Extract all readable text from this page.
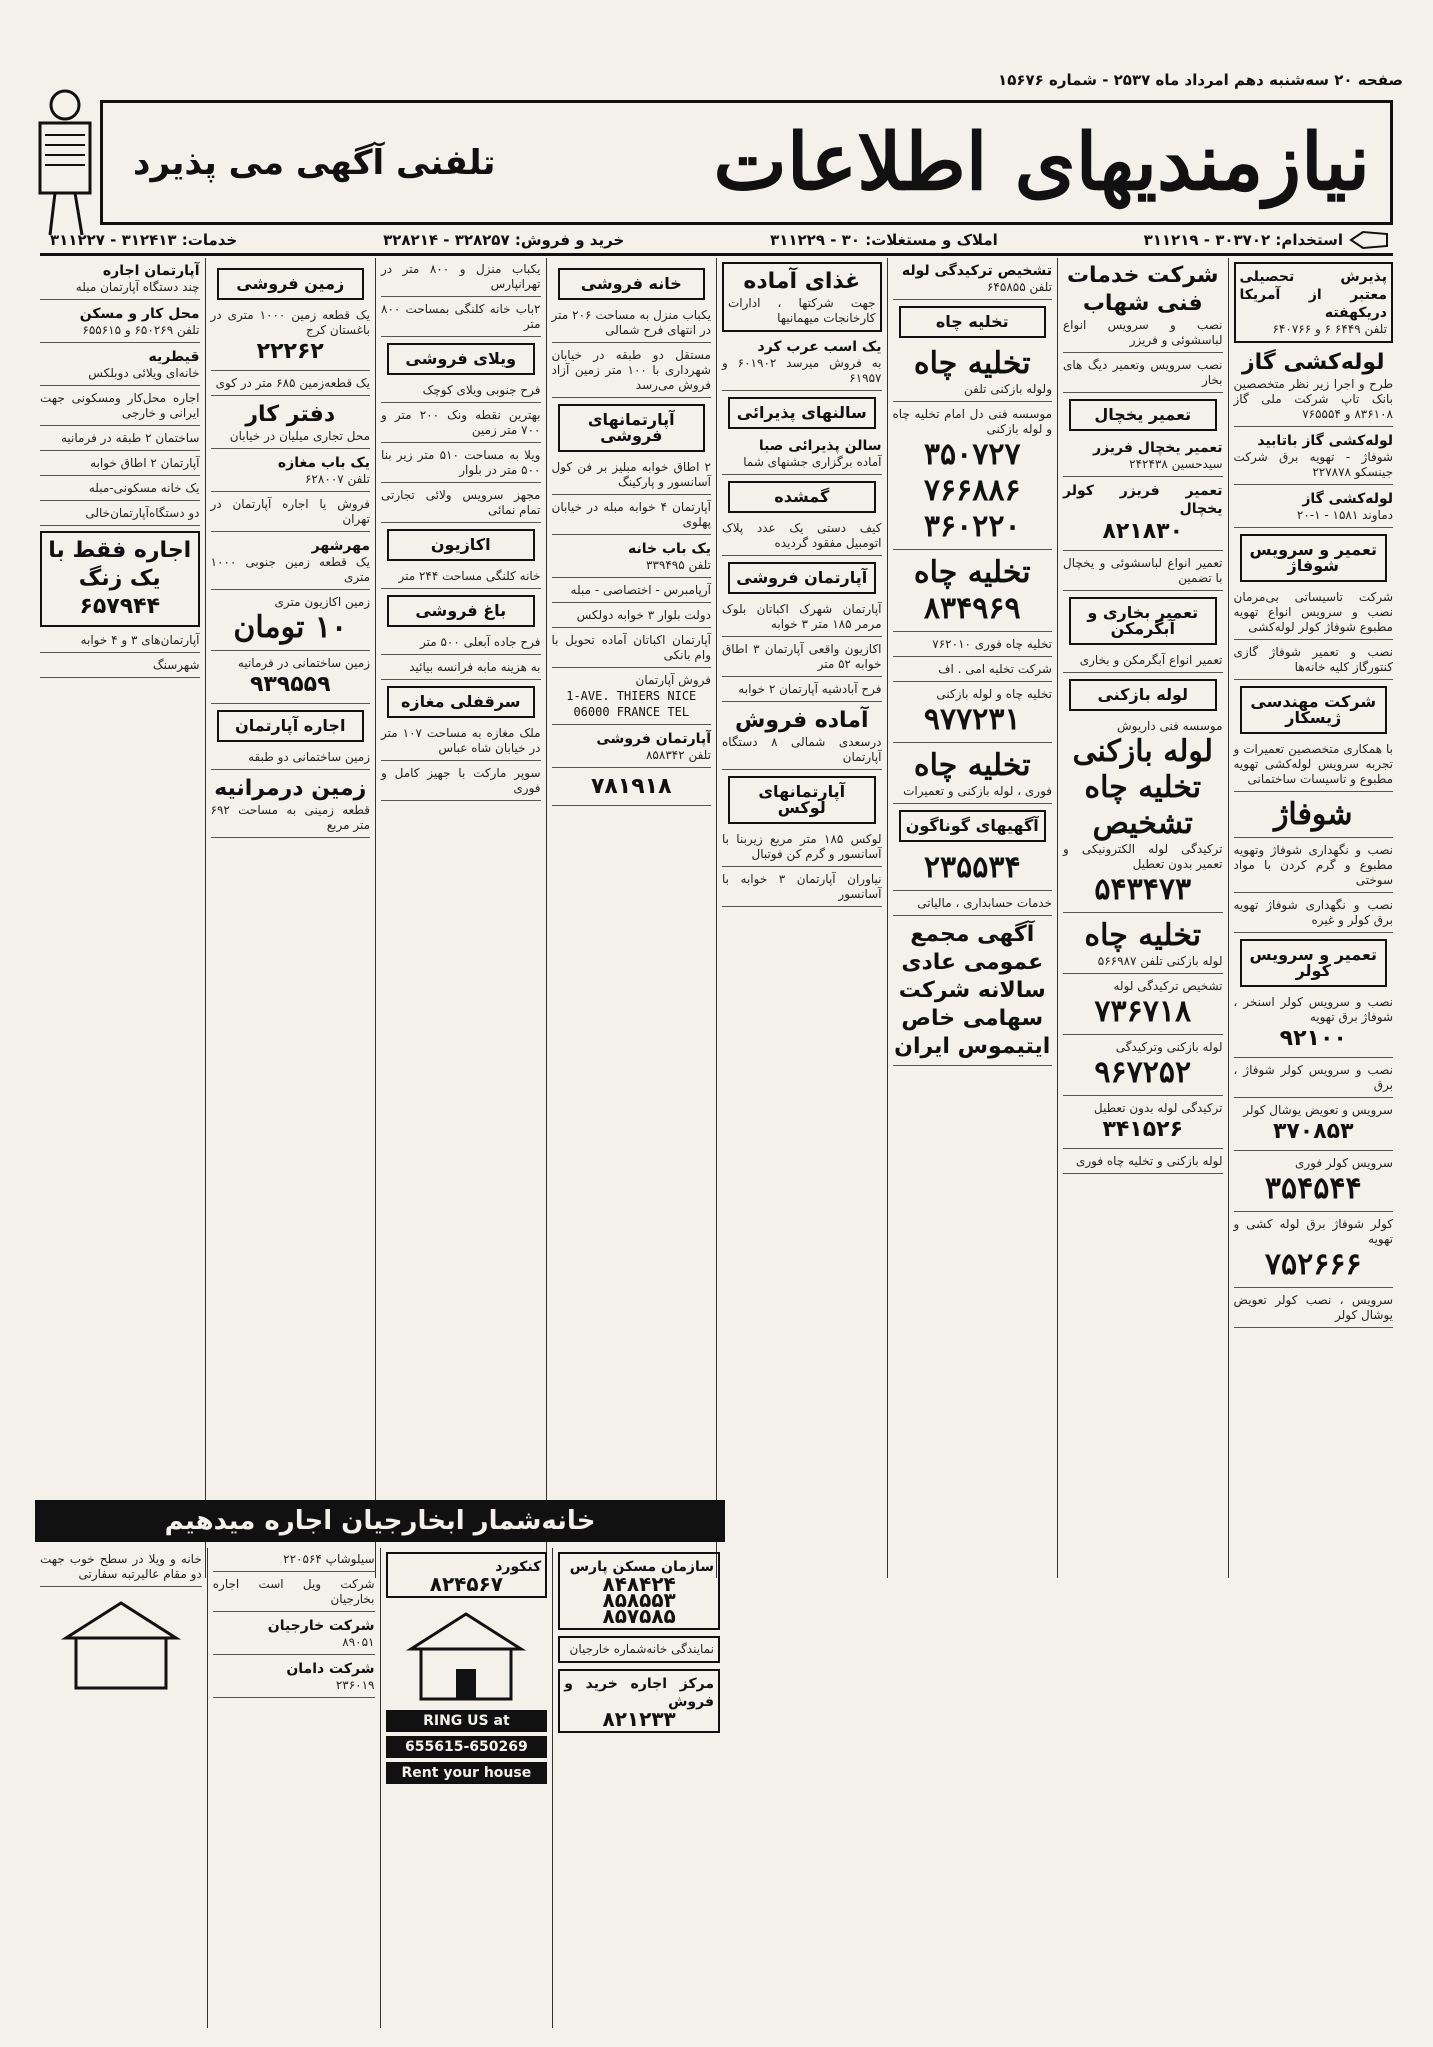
صفحه ۲۰ سه‌شنبه دهم امرداد ماه ۲۵۳۷ - شماره ۱۵۶۷۶
نیازمندیهای اطلاعات
تلفنی آگهی می پذیرد
استخدام: ۳۰۳۷۰۲ - ۳۱۱۲۱۹
املاک و مستغلات: ۳۰ - ۳۱۱۲۲۹
خرید و فروش: ۳۲۸۲۵۷ - ۳۲۸۲۱۴
خدمات: ۳۱۲۴۱۳ - ۳۱۱۲۲۷
پذیرش تحصیلی معتبر از آمریکا دریکهفته
تلفن ۶۴۴۹ ۶ و ۶۴۰۷۶۶
لوله‌کشی گاز
طرح و اجرا زیر نظر متخصصین بانک تاپ شرکت ملی گاز ۸۳۶۱۰۸ و ۷۶۵۵۵۴
لوله‌کشی گاز باتابید
شوفاژ - تهویه برق شرکت جینسکو ۲۲۷۸۷۸
لوله‌کشی گاز
دماوند ۱۵۸۱ - ۱-۲۰
تعمیر و سرویس شوفاژ
شرکت تاسیساتی بی‌مرمان نصب و سرویس انواع تهویه مطبوع شوفاژ کولر لوله‌کشی
نصب و تعمیر شوفاژ گازی کنتورگاز کلیه خانه‌ها
شرکت مهندسی ژیسکار
با همکاری متخصصین تعمیرات و تجربه سرویس لوله‌کشی تهویه مطبوع و تاسیسات ساختمانی
شوفاژ
نصب و نگهداری شوفاژ وتهویه مطبوع و گرم کردن با مواد سوختی
نصب و نگهداری شوفاژ تهویه برق کولر و غیره
تعمیر و سرویس کولر
نصب و سرویس کولر اسنخر ، شوفاژ برق تهویه
۹۲۱۰۰
نصب و سرویس کولر شوفاژ ، برق
سرویس و تعویض یوشال کولر
۳۷۰۸۵۳
سرویس کولر فوری
۳۵۴۵۴۴
کولر شوفاژ برق لوله کشی و تهویه
۷۵۲۶۶۶
سرویس ، نصب کولر تعویض یوشال کولر
شرکت خدمات فنی شهاب
نصب و سرویس انواع لباسشوئی و فریزر
نصب سرویس وتعمیر دیگ های بخار
تعمیر یخچال
تعمیر یخچال فریزر
سیدحسین ۲۴۲۴۳۸
تعمیر فریزر کولر یخچال
۸۲۱۸۳۰
تعمیر انواع لباسشوئی و یخچال با تضمین
تعمیر بخاری و آبگرمکن
تعمیر انواع آبگرمکن و بخاری
لوله بازکنی
موسسه فنی داریوش
لوله بازکنی
تخلیه چاه
تشخیص
ترکیدگی لوله الکترونیکی و تعمیر بدون تعطیل
۵۴۳۴۷۳
تخلیه چاه
لوله بازکنی تلفن ۵۶۶۹۸۷
تشخیص ترکیدگی لوله
۷۳۶۷۱۸
لوله بازکنی وترکیدگی
۹۶۷۲۵۲
ترکیدگی لوله بدون تعطیل
۳۴۱۵۲۶
لوله بازکنی و تخلیه چاه فوری
تشخیص ترکیدگی لوله
تلفن ۶۴۵۸۵۵
تخلیه چاه
تخلیه چاه
ولوله بازکنی تلفن
موسسه فنی دل امام تخلیه چاه و لوله بازکنی
۳۵۰۷۲۷
۷۶۶۸۸۶
۳۶۰۲۲۰
تخلیه چاه
۸۳۴۹۶۹
تخلیه چاه فوری ۷۶۲۰۱۰
شرکت تخلیه امی . اف
تخلیه چاه و لوله بازکنی
۹۷۷۲۳۱
تخلیه چاه
فوری ، لوله بازکنی و تعمیرات
آگهیهای گوناگون
۲۳۵۵۳۴
خدمات حسابداری ، مالیاتی
آگهی مجمع عمومی عادی سالانه شرکت سهامی خاص ایتیموس ایران
غذای آماده
جهت شرکتها ، ادارات کارخانجات میهمانیها
یک اسب عرب کرد
به فروش میرسد ۶۰۱۹۰۲ و ۶۱۹۵۷
سالنهای پذیرائی
سالن پذیرائی صبا
آماده برگزاری جشنهای شما
گمشده
کیف دستی یک عدد پلاک اتومبیل مفقود گردیده
آپارتمان فروشی
آپارتمان شهرک اکباتان بلوک مرمر ۱۸۵ متر ۳ خوابه
اکازیون واقعی آپارتمان ۳ اطاق خوابه ۵۲ متر
فرح آبادشیه آپارتمان ۲ خوابه
آماده فروش
درسعدی شمالی ۸ دستگاه آپارتمان
آپارتمانهای لوکس
لوکس ۱۸۵ متر مربع زیربنا با آسانسور و گرم کن فوتبال
نیاوران آپارتمان ۳ خوابه با آسانسور
خانه فروشی
یکباب منزل به مساحت ۲۰۶ متر در انتهای فرح شمالی
مستقل دو طبقه در خیابان شهرداری با ۱۰۰ متر زمین آزاد فروش می‌رسد
آپارتمانهای فروشی
۲ اطاق خوابه مبلیز بر فن کول آسانسور و پارکینگ
آپارتمان ۴ خوابه مبله در خیابان پهلوی
یک باب خانه
تلفن ۳۳۹۴۹۵
آرپامبرس - اختصاصی - مبله
دولت بلوار ۳ خوابه دولکس
آپارتمان اکباتان آماده تحویل با وام بانکی
فروش آپارتمان
1-AVE. THIERS NICE 06000 FRANCE TEL
آپارتمان فروشی
تلفن ۸۵۸۳۴۲
۷۸۱۹۱۸
یکباب منزل و ۸۰۰ متر در تهرانپارس
۲باب خانه کلنگی بمساحت ۸۰۰ متر
ویلای فروشی
فرح جنوبی ویلای کوچک
بهترین نقطه ونک ۲۰۰ متر و ۷۰۰ متر زمین
ویلا به مساحت ۵۱۰ متر زیر بنا ۵۰۰ متر در بلوار
مجهز سرویس ولائی تجارتی تمام نمائی
اکازیون
خانه کلنگی مساحت ۲۴۴ متر
باغ فروشی
فرح جاده آبعلی ۵۰۰ متر
به هزینه مابه فرانسه بیائید
سرقفلی مغازه
ملک مغازه به مساحت ۱۰۷ متر در خیابان شاه عباس
سوپر مارکت با جهیز کامل و فوری
زمین فروشی
یک قطعه زمین ۱۰۰۰ متری در باغستان کرج
۲۲۲۶۲
یک قطعه‌زمین ۶۸۵ متر در کوی
دفتر کار
محل تجاری میلیان در خیابان
یک باب مغازه
تلفن ۶۲۸۰۰۷
فروش یا اجاره آپارتمان در تهران
مهرشهر
یک قطعه زمین جنوبی ۱۰۰۰ متری
زمین اکازیون متری
۱۰ تومان
زمین ساختمانی در فرمانیه
۹۳۹۵۵۹
اجاره آپارتمان
زمین ساختمانی دو طبقه
زمین درمرانیه
قطعه زمینی به مساحت ۶۹۲ متر مربع
آپارتمان اجاره
چند دستگاه آپارتمان مبله
محل کار و مسکن
تلفن ۶۵۰۲۶۹ و ۶۵۵۶۱۵
قیطریه
خانه‌ای ویلائی دوبلکس
اجاره محل‌کار ومسکونی جهت ایرانی و خارجی
ساختمان ۲ طبقه در فرمانیه
آپارتمان ۲ اطاق خوابه
یک خانه مسکونی-مبله
دو دستگاه‌آپارتمان‌خالی
اجاره فقط با یک زنگ
۶۵۷۹۴۴
آپارتمان‌های ۳ و ۴ خوابه
شهرسنگ
خانه‌شمار ابخارجیان اجاره میدهیم
سازمان مسکن پارس
۸۴۸۴۲۴ ۸۵۸۵۵۳ ۸۵۷۵۸۵
نمایندگی خانه‌شماره خارجیان
مرکز اجاره خرید و فروش
۸۲۱۲۳۳
کنکورد
۸۲۴۵۶۷
RING US at
655615-650269
Rent your house
سیلوشاپ ۲۲۰۵۶۴
شرکت ویل است اجاره بخارجیان
شرکت خارجیان
۸۹۰۵۱
شرکت دامان
۲۳۶۰۱۹
خانه و ویلا در سطح خوب جهت دو مقام عالیرتبه سفارتی
